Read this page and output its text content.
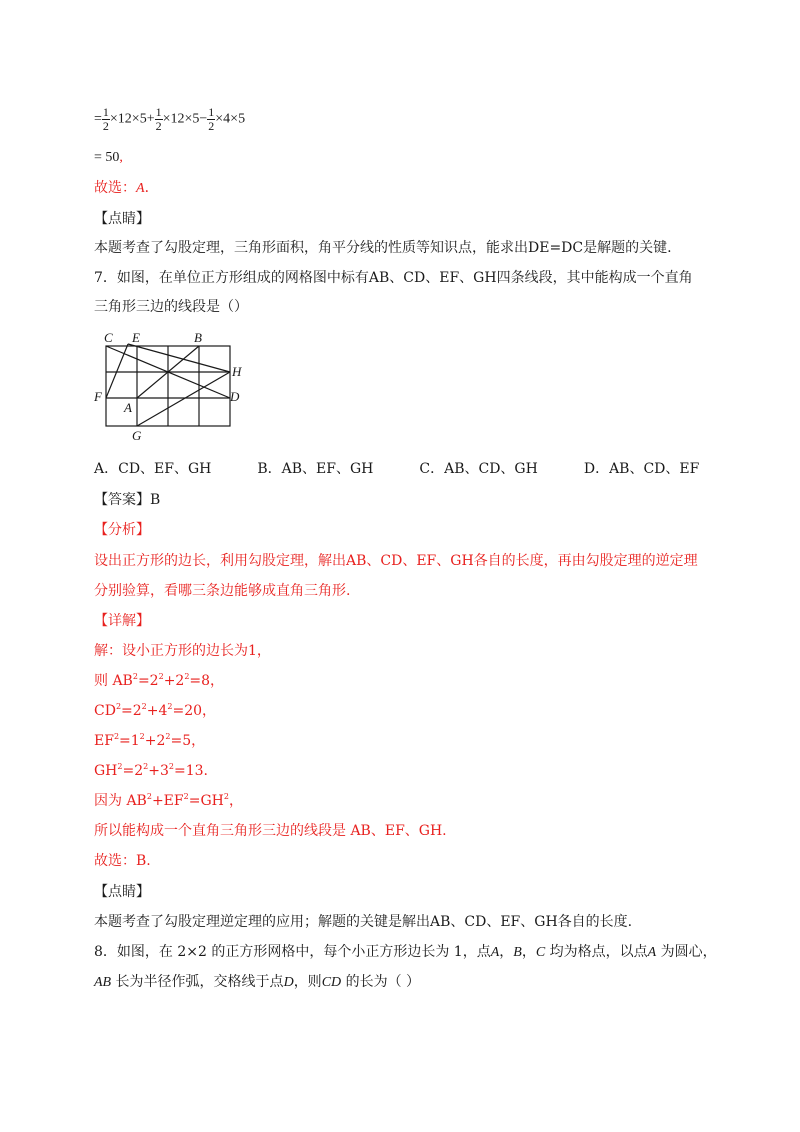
= $\frac{1}{2} \times 12\times 5+ \frac{1}{2} \times 12\times 5- \frac{1}{2} \times 4\times 5$
= 50,
故选：A．
【点睛】
本题考查了勾股定理，三角形面积，角平分线的性质等知识点，能求出DE=DC是解题的关键.
7．如图，在单位正方形组成的网格图中标有AB、CD、EF、GH四条线段，其中能构成一个直角
三角形三边的线段是（）
C E	B
H
F
A
D
G
A．CD、EF、GH	B．AB、EF、GH	C．AB、CD、GH	D．AB、CD、EF
【答案】B
【分析】
设出正方形的边长，利用勾股定理，解出AB、CD、EF、GH各自的长度，再由勾股定理的逆定理
分别验算，看哪三条边能够成直角三角形.
【详解】
解：设小正方形的边长为1，
则 $AB^2=2^2+2^2=8$，
$CD^2=2^2+4^2=20$，
$EF^2=1^2+2^2=5$，
$GH^2=2^2+3^2=13$.
因为 $AB^2+EF^2=GH^2$，
所以能构成一个直角三角形三边的线段是 AB、EF、GH.
故选：B.
【点睛】
本题考查了勾股定理逆定理的应用；解题的关键是解出AB、CD、EF、GH各自的长度.
8．如图，在 2×2 的正方形网格中，每个小正方形边长为 1，点A，B，C 均为格点，以点A 为圆心，
AB 长为半径作弧，交格线于点D，则CD 的长为（ ）
